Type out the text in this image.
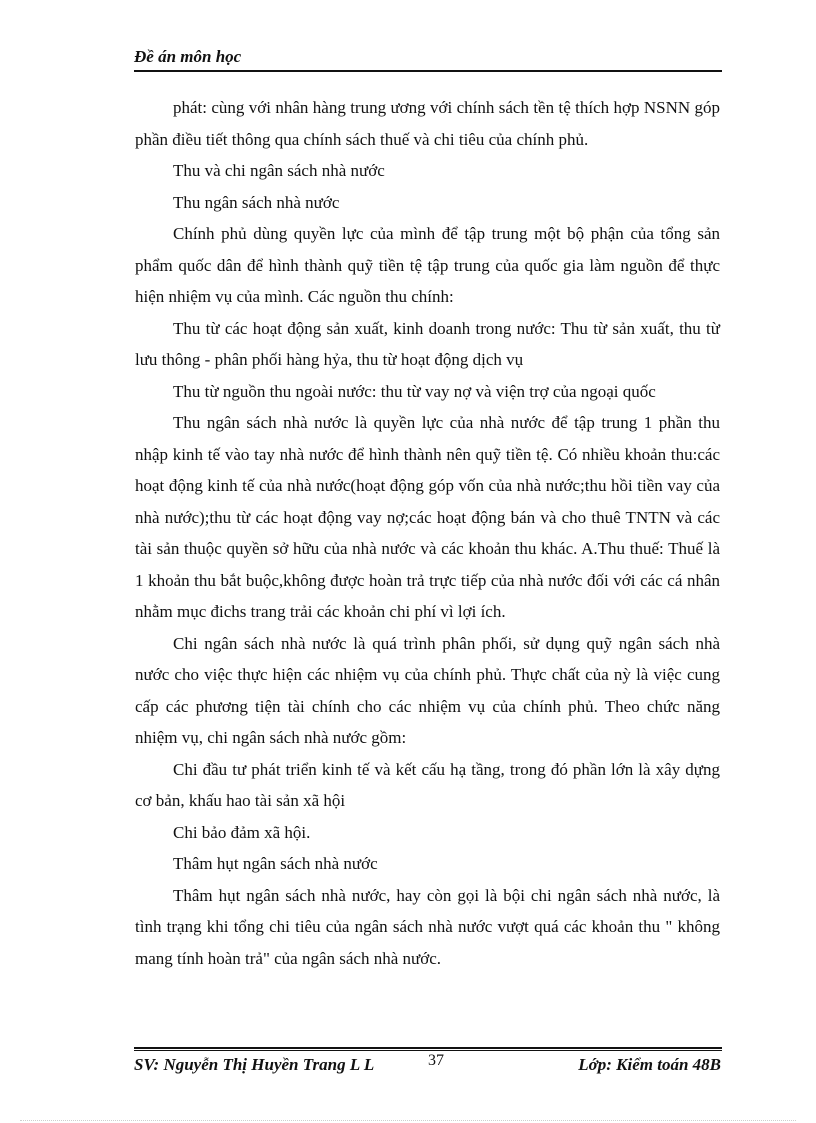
Đề án môn học

phát: cùng với nhân hàng trung ương với chính sách tền tệ thích hợp NSNN góp phần điều tiết thông qua chính sách thuế và chi tiêu của chính phủ.

Thu và chi ngân sách nhà nước

Thu ngân sách nhà nước

Chính phủ dùng quyền lực của mình để tập trung một bộ phận của tổng sản phẩm quốc dân để hình thành quỹ tiền tệ tập trung của quốc gia làm nguồn để thực hiện nhiệm vụ của mình. Các nguồn thu chính:

Thu từ các hoạt động sản xuất, kinh doanh trong nước: Thu từ sản xuất, thu từ lưu thông - phân phối hàng hỷa, thu từ hoạt động dịch vụ

Thu từ nguồn thu ngoài nước: thu từ vay nợ và viện trợ của ngoại quốc

Thu ngân sách nhà nước là quyền lực của nhà nước để tập trung 1 phần thu nhập kinh tế vào tay nhà nước để hình thành nên quỹ tiền tệ. Có nhiều khoản thu:các hoạt động kinh tế của nhà nước(hoạt động góp vốn của nhà nước;thu hồi tiền vay của nhà nước);thu từ các hoạt động vay nợ;các hoạt động bán và cho thuê TNTN và các tài sản thuộc quyền sở hữu của nhà nước và các khoản thu khác. A.Thu thuế: Thuế là 1 khoản thu bắt buộc,không được hoàn trả trực tiếp của nhà nước đối với các cá nhân nhằm mục đichs trang trải các khoản chi phí vì lợi ích.

Chi ngân sách nhà nước là quá trình phân phối, sử dụng quỹ ngân sách nhà nước cho việc thực hiện các nhiệm vụ của chính phủ. Thực chất của nỳ là việc cung cấp các phương tiện tài chính cho các nhiệm vụ của chính phủ. Theo chức năng nhiệm vụ, chi ngân sách nhà nước gồm:

Chi đầu tư phát triển kinh tế và kết cấu hạ tầng, trong đó phần lớn là xây dựng cơ bản, khấu hao tài sản xã hội

Chi bảo đảm xã hội.

Thâm hụt ngân sách nhà nước

Thâm hụt ngân sách nhà nước, hay còn gọi là bội chi ngân sách nhà nước, là tình trạng khi tổng chi tiêu của ngân sách nhà nước vượt quá các khoản thu " không mang tính hoàn trả" của ngân sách nhà nước.

SV: Nguyễn Thị Huyền Trang L L	37	Lớp: Kiểm toán 48B
